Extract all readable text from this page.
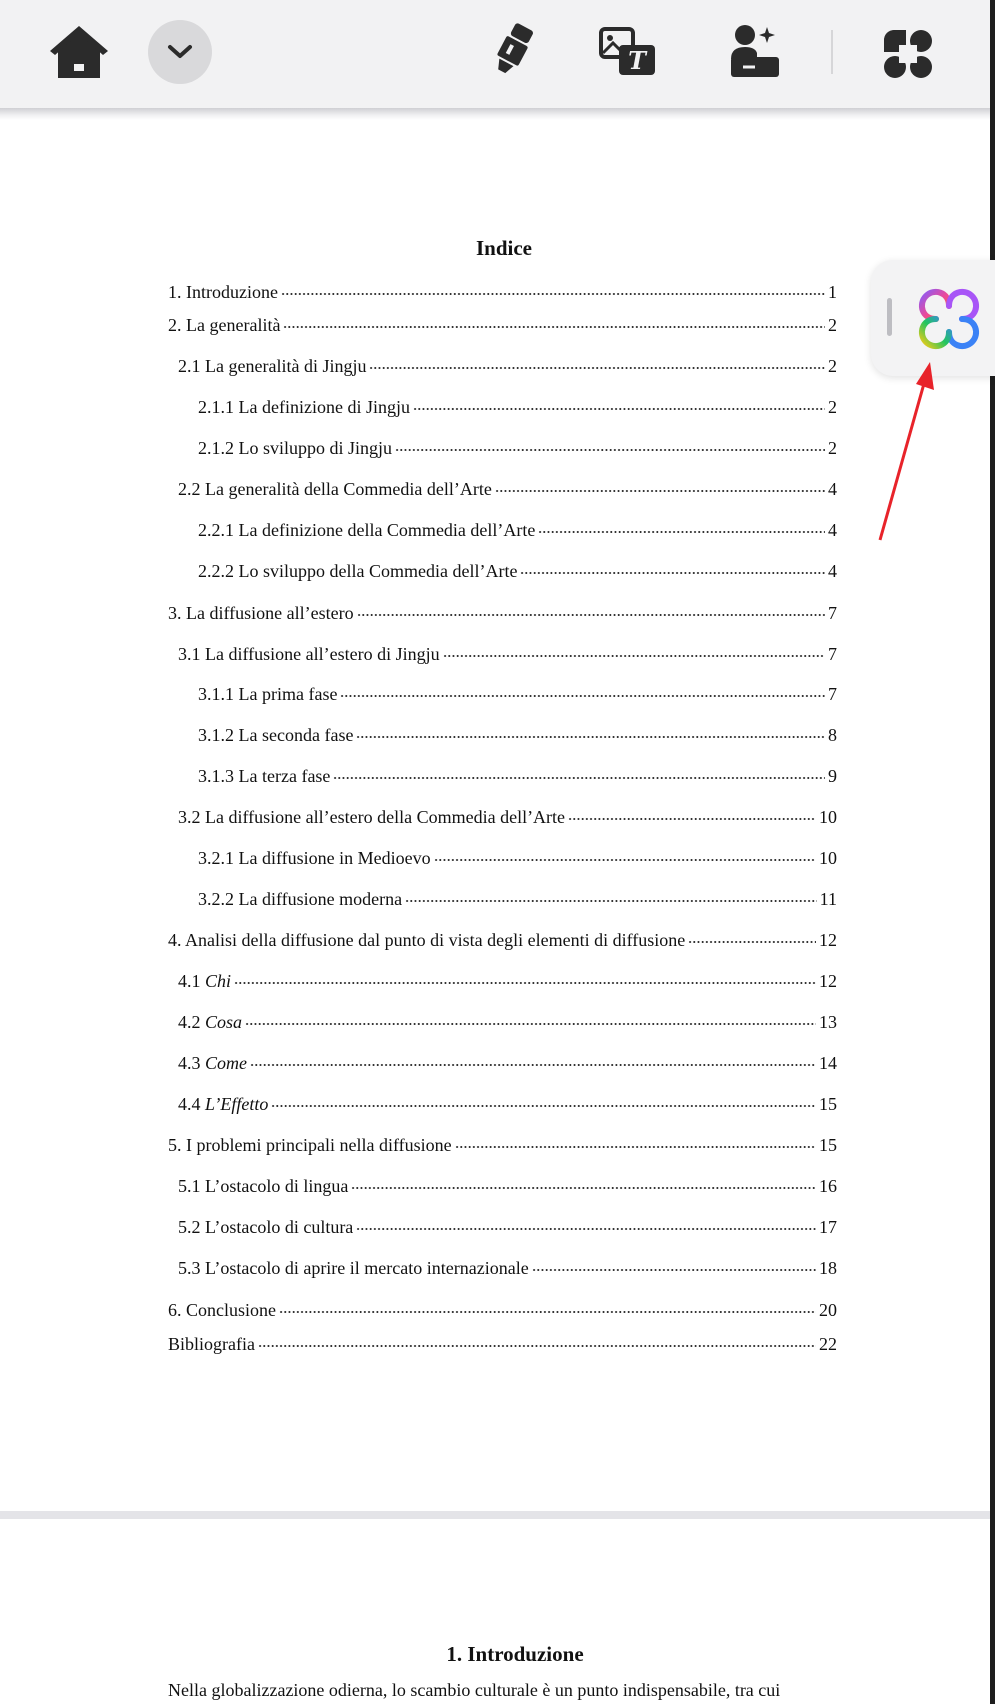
T
Indice
1. Introduzione	1
2. La generalità	2
2.1 La generalità di Jingju	2
2.1.1 La definizione di Jingju	2
2.1.2 Lo sviluppo di Jingju	2
2.2 La generalità della Commedia dell’Arte	4
2.2.1 La definizione della Commedia dell’Arte	4
2.2.2 Lo sviluppo della Commedia dell’Arte	4
3. La diffusione all’estero	7
3.1 La diffusione all’estero di Jingju	7
3.1.1 La prima fase	7
3.1.2 La seconda fase	8
3.1.3 La terza fase	9
3.2 La diffusione all’estero della Commedia dell’Arte	10
3.2.1 La diffusione in Medioevo	10
3.2.2 La diffusione moderna	11
4. Analisi della diffusione dal punto di vista degli elementi di diffusione	12
4.1 Chi	12
4.2 Cosa	13
4.3 Come	14
4.4 L’Effetto	15
5. I problemi principali nella diffusione	15
5.1 L’ostacolo di lingua	16
5.2 L’ostacolo di cultura	17
5.3 L’ostacolo di aprire il mercato internazionale	18
6. Conclusione	20
Bibliografia	22
1. Introduzione
Nella globalizzazione odierna, lo scambio culturale è un punto indispensabile, tra cui
